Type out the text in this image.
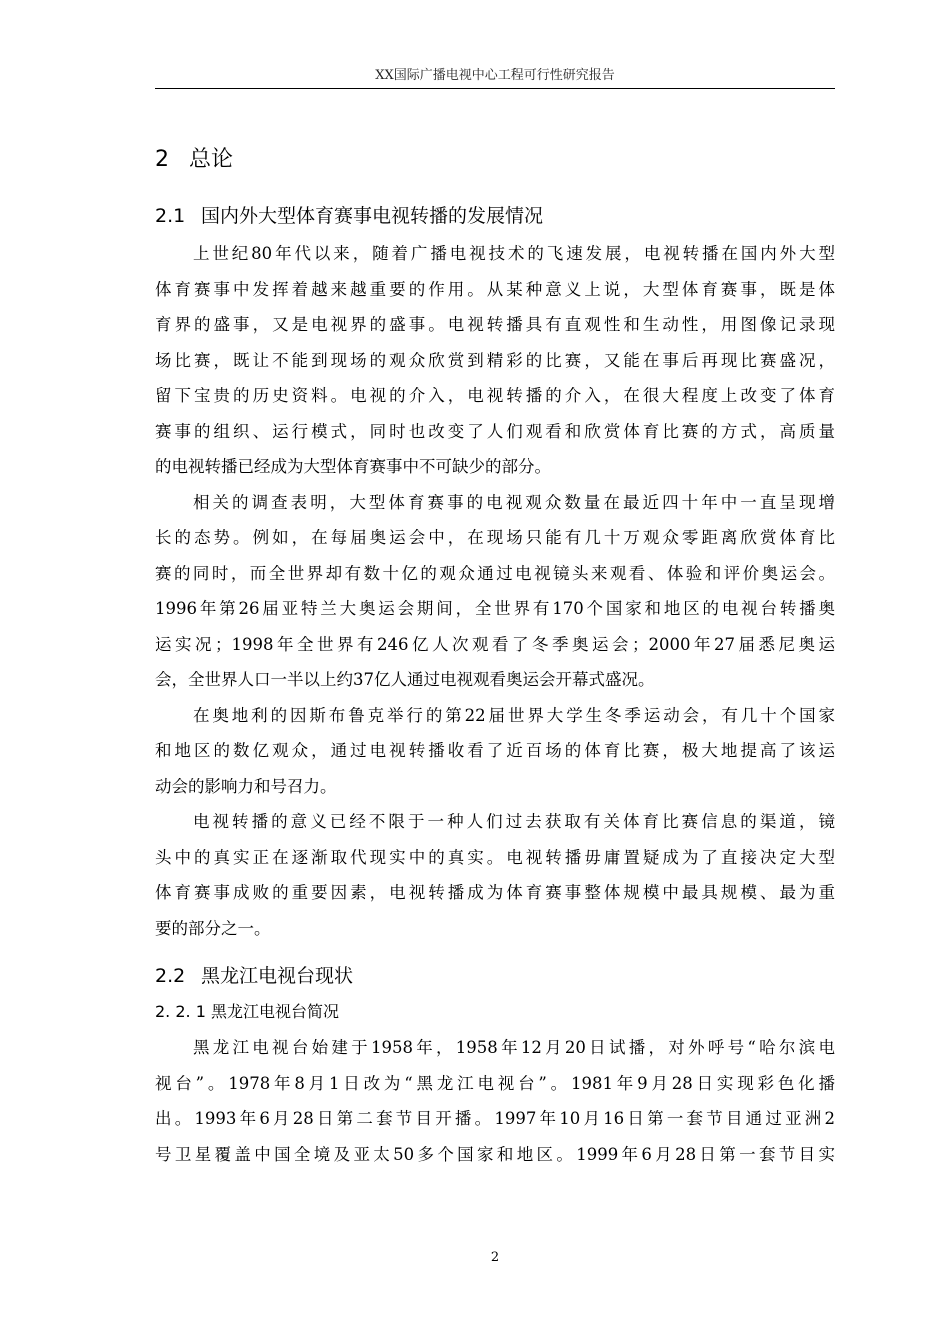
XX国际广播电视中心工程可行性研究报告
2 总论
2.1 国内外大型体育赛事电视转播的发展情况
上世纪80年代以来，随着广播电视技术的飞速发展，电视转播在国内外大型
体育赛事中发挥着越来越重要的作用。从某种意义上说，大型体育赛事，既是体
育界的盛事，又是电视界的盛事。电视转播具有直观性和生动性，用图像记录现
场比赛，既让不能到现场的观众欣赏到精彩的比赛，又能在事后再现比赛盛况，
留下宝贵的历史资料。电视的介入，电视转播的介入，在很大程度上改变了体育
赛事的组织、运行模式，同时也改变了人们观看和欣赏体育比赛的方式，高质量
的电视转播已经成为大型体育赛事中不可缺少的部分。
相关的调查表明，大型体育赛事的电视观众数量在最近四十年中一直呈现增
长的态势。例如，在每届奥运会中，在现场只能有几十万观众零距离欣赏体育比
赛的同时，而全世界却有数十亿的观众通过电视镜头来观看、体验和评价奥运会。
1996年第26届亚特兰大奥运会期间，全世界有170个国家和地区的电视台转播奥
运实况；1998年全世界有246亿人次观看了冬季奥运会；2000年27届悉尼奥运
会，全世界人口一半以上约37亿人通过电视观看奥运会开幕式盛况。
在奥地利的因斯布鲁克举行的第22届世界大学生冬季运动会，有几十个国家
和地区的数亿观众，通过电视转播收看了近百场的体育比赛，极大地提高了该运
动会的影响力和号召力。
电视转播的意义已经不限于一种人们过去获取有关体育比赛信息的渠道，镜
头中的真实正在逐渐取代现实中的真实。电视转播毋庸置疑成为了直接决定大型
体育赛事成败的重要因素，电视转播成为体育赛事整体规模中最具规模、最为重
要的部分之一。
2.2 黑龙江电视台现状
2. 2. 1 黑龙江电视台简况
黑龙江电视台始建于1958年，1958年12月20日试播，对外呼号“哈尔滨电
视台”。1978年8月1日改为“黑龙江电视台”。1981年9月28日实现彩色化播
出。1993年6月28日第二套节目开播。1997年10月16日第一套节目通过亚洲2
号卫星覆盖中国全境及亚太50多个国家和地区。1999年6月28日第一套节目实
2
